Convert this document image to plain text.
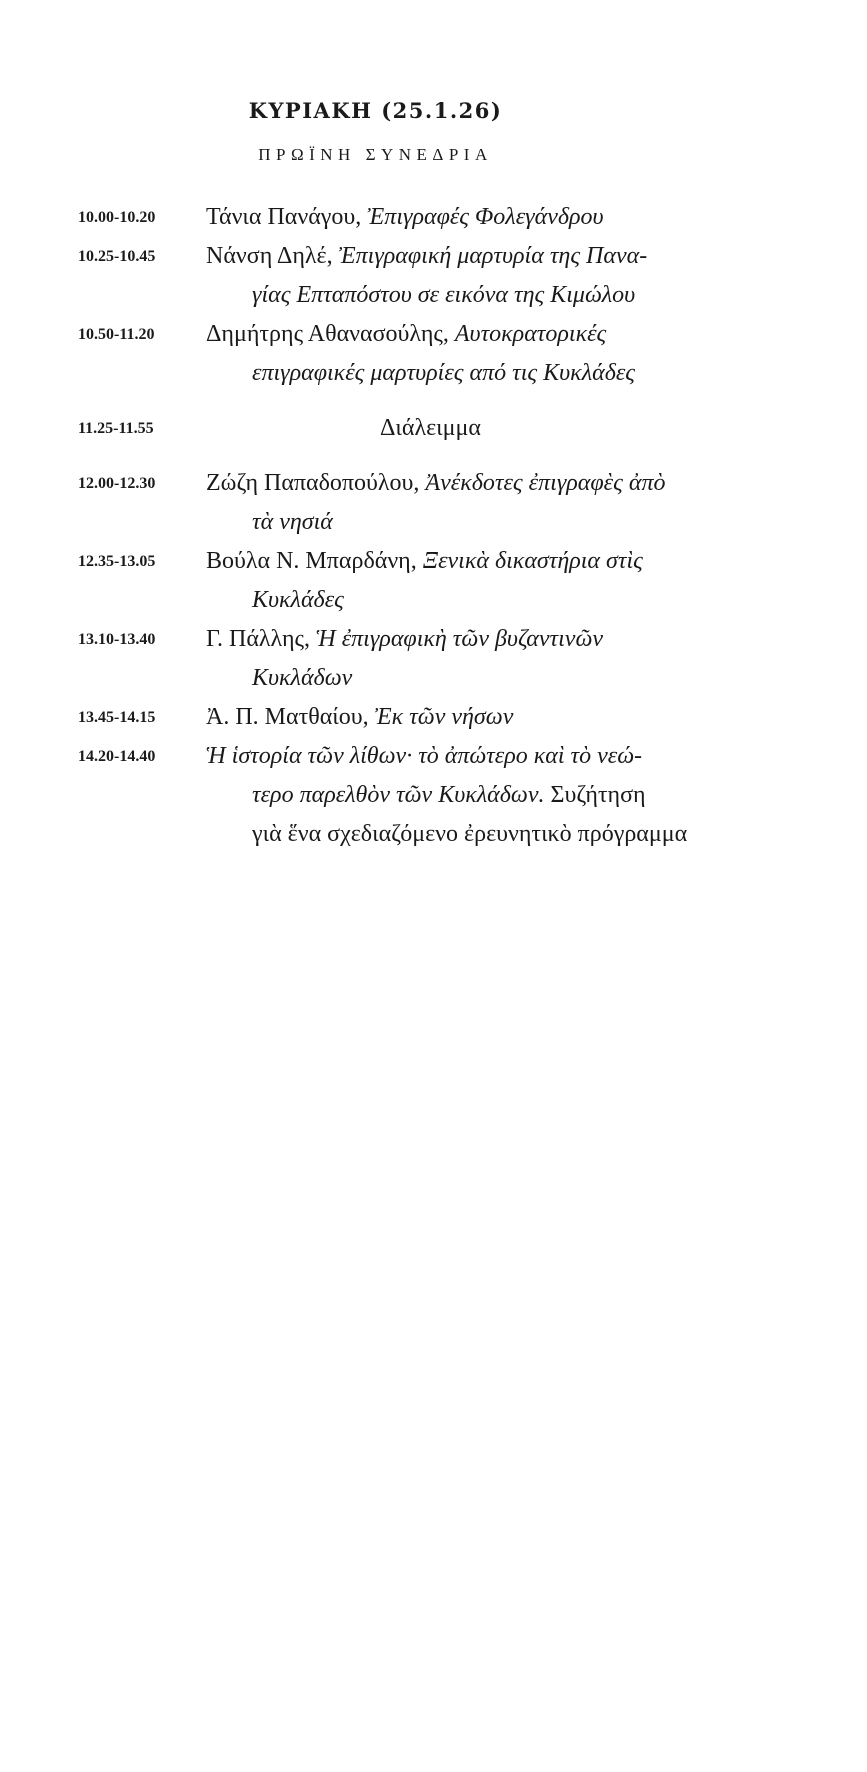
ΚΥΡΙΑΚΗ (25.1.26)
ΠΡΩΪΝΗ ΣΥΝΕΔΡΙΑ
10.00-10.20	Τάνια Πανάγου, Ἐπιγραφές Φολεγάνδρου
10.25-10.45	Νάνση Δηλέ, Ἐπιγραφική μαρτυρία της Πανα-
γίας Επταπόστου σε εικόνα της Κιμώλου
10.50-11.20	Δημήτρης Αθανασούλης, Αυτοκρατορικές
επιγραφικές μαρτυρίες από τις Κυκλάδες
11.25-11.55	Διάλειμμα
12.00-12.30	Ζώζη Παπαδοπούλου, Ἀνέκδοτες ἐπιγραφὲς ἀπὸ
τὰ νησιά
12.35-13.05	Βούλα Ν. Μπαρδάνη, Ξενικὰ δικαστήρια στὶς
Κυκλάδες
13.10-13.40	Γ. Πάλλης, Ἡ ἐπιγραφικὴ τῶν βυζαντινῶν
Κυκλάδων
13.45-14.15	Ἀ. Π. Ματθαίου, Ἐκ τῶν νήσων
14.20-14.40	Ἡ ἱστορία τῶν λίθων· τὸ ἀπώτερο καὶ τὸ νεώ-
τερο παρελθὸν τῶν Κυκλάδων. Συζήτηση
γιὰ ἕνα σχεδιαζόμενο ἐρευνητικὸ πρόγραμμα
